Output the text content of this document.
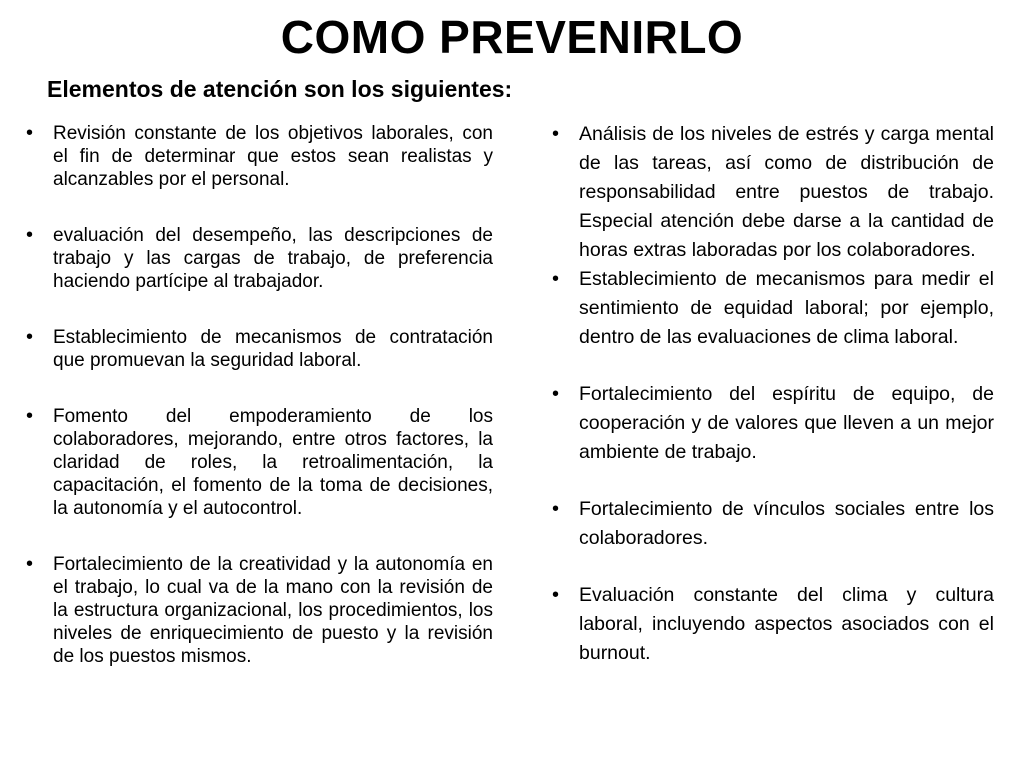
COMO PREVENIRLO
Elementos de atención son los siguientes:
• Revisión constante de los objetivos laborales, con el fin de determinar que estos sean realistas y alcanzables por el personal.
• evaluación del desempeño, las descripciones de trabajo y las cargas de trabajo, de preferencia haciendo partícipe al trabajador.
• Establecimiento de mecanismos de contratación que promuevan la seguridad laboral.
• Fomento del empoderamiento de los colaboradores, mejorando, entre otros factores, la claridad de roles, la retroalimentación, la capacitación, el fomento de la toma de decisiones, la autonomía y el autocontrol.
• Fortalecimiento de la creatividad y la autonomía en el trabajo, lo cual va de la mano con la revisión de la estructura organizacional, los procedimientos, los niveles de enriquecimiento de puesto y la revisión de los puestos mismos.
• Análisis de los niveles de estrés y carga mental de las tareas, así como de distribución de responsabilidad entre puestos de trabajo. Especial atención debe darse a la cantidad de horas extras laboradas por los colaboradores.
• Establecimiento de mecanismos para medir el sentimiento de equidad laboral; por ejemplo, dentro de las evaluaciones de clima laboral.
• Fortalecimiento del espíritu de equipo, de cooperación y de valores que lleven a un mejor ambiente de trabajo.
• Fortalecimiento de vínculos sociales entre los colaboradores.
• Evaluación constante del clima y cultura laboral, incluyendo aspectos asociados con el burnout.
